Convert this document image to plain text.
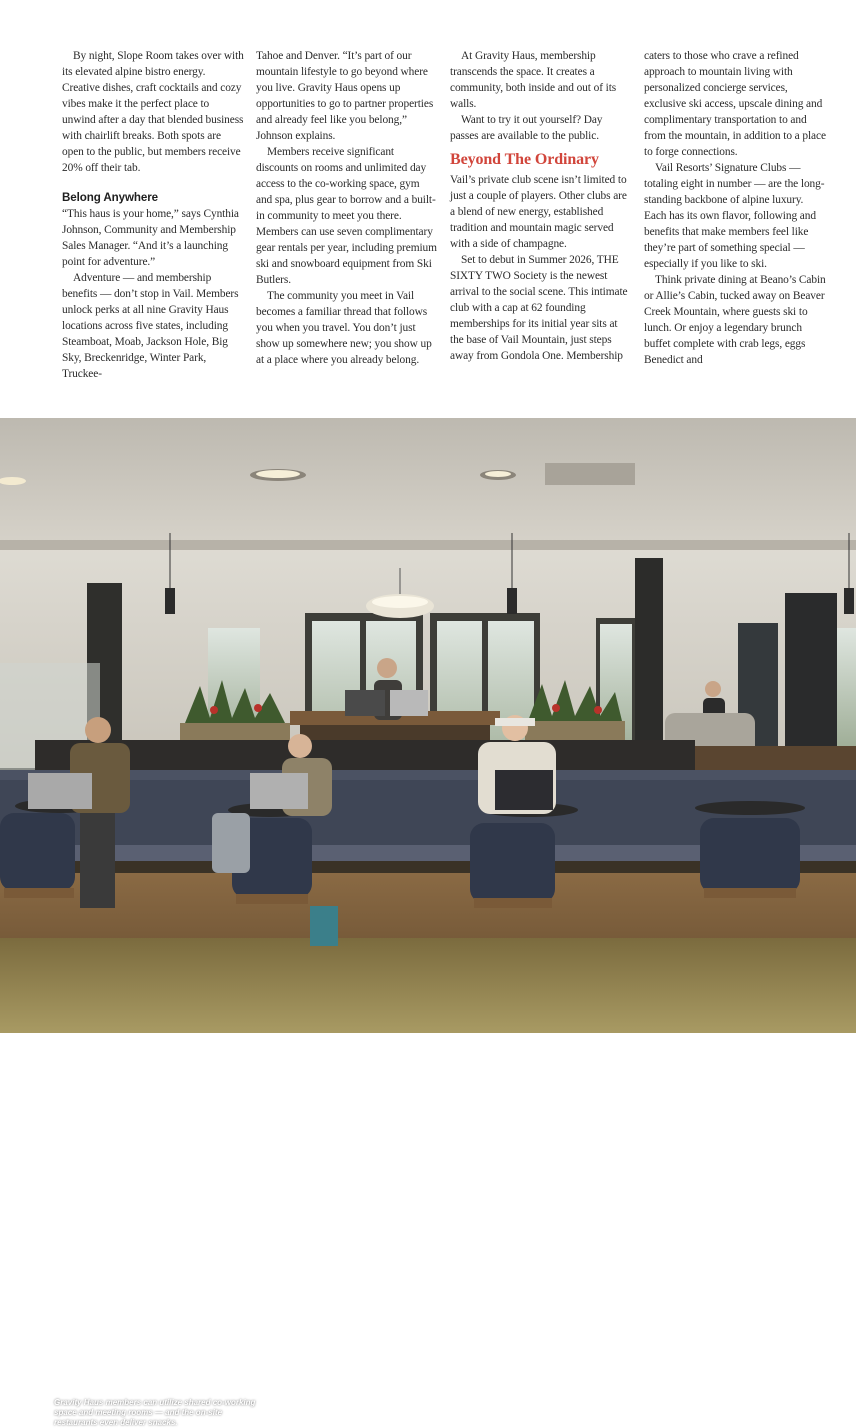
By night, Slope Room takes over with its elevated alpine bistro energy. Creative dishes, craft cocktails and cozy vibes make it the perfect place to unwind after a day that blended business with chairlift breaks. Both spots are open to the public, but members receive 20% off their tab.

Belong Anywhere

“This haus is your home,” says Cynthia Johnson, Community and Membership Sales Manager. “And it’s a launching point for adventure.”

Adventure — and membership benefits — don’t stop in Vail. Members unlock perks at all nine Gravity Haus locations across five states, including Steamboat, Moab, Jackson Hole, Big Sky, Breckenridge, Winter Park, Truckee-

Tahoe and Denver. “It’s part of our mountain lifestyle to go beyond where you live. Gravity Haus opens up opportunities to go to partner properties and already feel like you belong,” Johnson explains.

Members receive significant discounts on rooms and unlimited day access to the co-working space, gym and spa, plus gear to borrow and a built-in community to meet you there. Members can use seven complimentary gear rentals per year, including premium ski and snowboard equipment from Ski Butlers.

The community you meet in Vail becomes a familiar thread that follows you when you travel. You don’t just show up somewhere new; you show up at a place where you already belong.

At Gravity Haus, membership transcends the space. It creates a community, both inside and out of its walls.

Want to try it out yourself? Day passes are available to the public.

Beyond The Ordinary

Vail’s private club scene isn’t limited to just a couple of players. Other clubs are a blend of new energy, established tradition and mountain magic served with a side of champagne.

Set to debut in Summer 2026, THE SIXTY TWO Society is the newest arrival to the social scene. This intimate club with a cap at 62 founding memberships for its initial year sits at the base of Vail Mountain, just steps away from Gondola One. Membership

caters to those who crave a refined approach to mountain living with personalized concierge services, exclusive ski access, upscale dining and complimentary transportation to and from the mountain, in addition to a place to forge connections.

Vail Resorts’ Signature Clubs — totaling eight in number — are the long-standing backbone of alpine luxury. Each has its own flavor, following and benefits that make members feel like they’re part of something special — especially if you like to ski.

Think private dining at Beano’s Cabin or Allie’s Cabin, tucked away on Beaver Creek Mountain, where guests ski to lunch. Or enjoy a legendary brunch buffet complete with crab legs, eggs Benedict and

Gravity Haus members can utilize shared co-working space and meeting rooms — and the on-site restaurants even deliver snacks.
